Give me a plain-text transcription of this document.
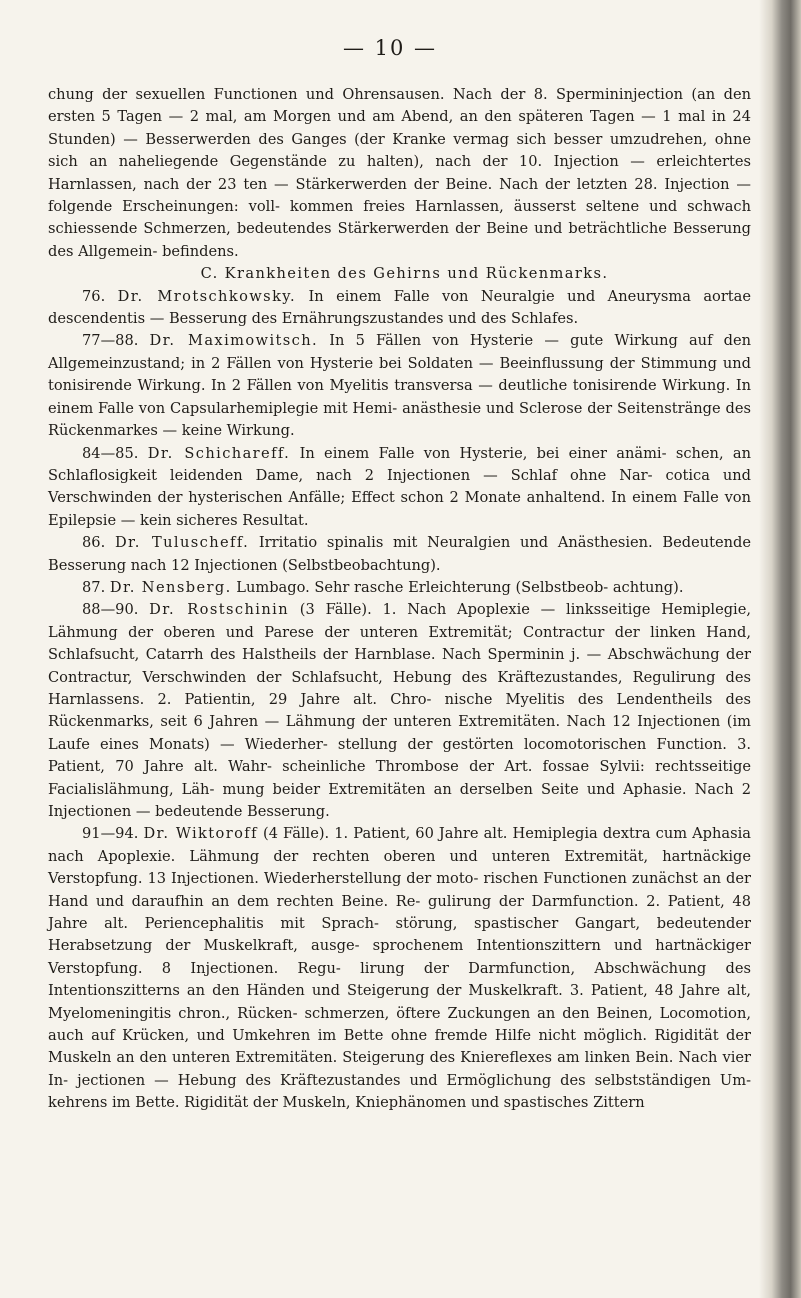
— 10 —

chung der sexuellen Functionen und Ohrensausen. Nach der 8. Spermininjection (an den ersten 5 Tagen — 2 mal, am Morgen und am Abend, an den späteren Tagen — 1 mal in 24 Stunden) — Besserwerden des Ganges (der Kranke vermag sich besser umzudrehen, ohne sich an naheliegende Gegenstände zu halten), nach der 10. Injection — erleichtertes Harnlassen, nach der 23 ten — Stärkerwerden der Beine. Nach der letzten 28. Injection — folgende Erscheinungen: voll- kommen freies Harnlassen, äusserst seltene und schwach schiessende Schmerzen, bedeutendes Stärkerwerden der Beine und beträchtliche Besserung des Allgemein- befindens.

C. Krankheiten des Gehirns und Rückenmarks.

76. Dr. Mrotschkowsky. In einem Falle von Neuralgie und Aneurysma aortae descendentis — Besserung des Ernährungszustandes und des Schlafes.

77—88. Dr. Maximowitsch. In 5 Fällen von Hysterie — gute Wirkung auf den Allgemeinzustand; in 2 Fällen von Hysterie bei Soldaten — Beeinflussung der Stimmung und tonisirende Wirkung. In 2 Fällen von Myelitis transversa — deutliche tonisirende Wirkung. In einem Falle von Capsularhemiplegie mit Hemi- anästhesie und Sclerose der Seitenstränge des Rückenmarkes — keine Wirkung.

84—85. Dr. Schichareff. In einem Falle von Hysterie, bei einer anämi- schen, an Schlaflosigkeit leidenden Dame, nach 2 Injectionen — Schlaf ohne Nar- cotica und Verschwinden der hysterischen Anfälle; Effect schon 2 Monate anhaltend. In einem Falle von Epilepsie — kein sicheres Resultat.

86. Dr. Tuluscheff. Irritatio spinalis mit Neuralgien und Anästhesien. Bedeutende Besserung nach 12 Injectionen (Selbstbeobachtung).

87. Dr. Nensberg. Lumbago. Sehr rasche Erleichterung (Selbstbeob- achtung).

88—90. Dr. Rostschinin (3 Fälle). 1. Nach Apoplexie — linksseitige Hemiplegie, Lähmung der oberen und Parese der unteren Extremität; Contractur der linken Hand, Schlafsucht, Catarrh des Halstheils der Harnblase. Nach Sperminin j. — Abschwächung der Contractur, Verschwinden der Schlafsucht, Hebung des Kräftezustandes, Regulirung des Harnlassens. 2. Patientin, 29 Jahre alt. Chro- nische Myelitis des Lendentheils des Rückenmarks, seit 6 Jahren — Lähmung der unteren Extremitäten. Nach 12 Injectionen (im Laufe eines Monats) — Wiederher- stellung der gestörten locomotorischen Function. 3. Patient, 70 Jahre alt. Wahr- scheinliche Thrombose der Art. fossae Sylvii: rechtsseitige Facialislähmung, Läh- mung beider Extremitäten an derselben Seite und Aphasie. Nach 2 Injectionen — bedeutende Besserung.

91—94. Dr. Wiktoroff (4 Fälle). 1. Patient, 60 Jahre alt. Hemiplegia dextra cum Aphasia nach Apoplexie. Lähmung der rechten oberen und unteren Extremität, hartnäckige Verstopfung. 13 Injectionen. Wiederherstellung der moto- rischen Functionen zunächst an der Hand und daraufhin an dem rechten Beine. Re- gulirung der Darmfunction. 2. Patient, 48 Jahre alt. Periencephalitis mit Sprach- störung, spastischer Gangart, bedeutender Herabsetzung der Muskelkraft, ausge- sprochenem Intentionszittern und hartnäckiger Verstopfung. 8 Injectionen. Regu- lirung der Darmfunction, Abschwächung des Intentionszitterns an den Händen und Steigerung der Muskelkraft. 3. Patient, 48 Jahre alt, Myelomeningitis chron., Rücken- schmerzen, öftere Zuckungen an den Beinen, Locomotion, auch auf Krücken, und Umkehren im Bette ohne fremde Hilfe nicht möglich. Rigidität der Muskeln an den unteren Extremitäten. Steigerung des Kniereflexes am linken Bein. Nach vier In- jectionen — Hebung des Kräftezustandes und Ermöglichung des selbstständigen Um- kehrens im Bette. Rigidität der Muskeln, Kniephänomen und spastisches Zittern
